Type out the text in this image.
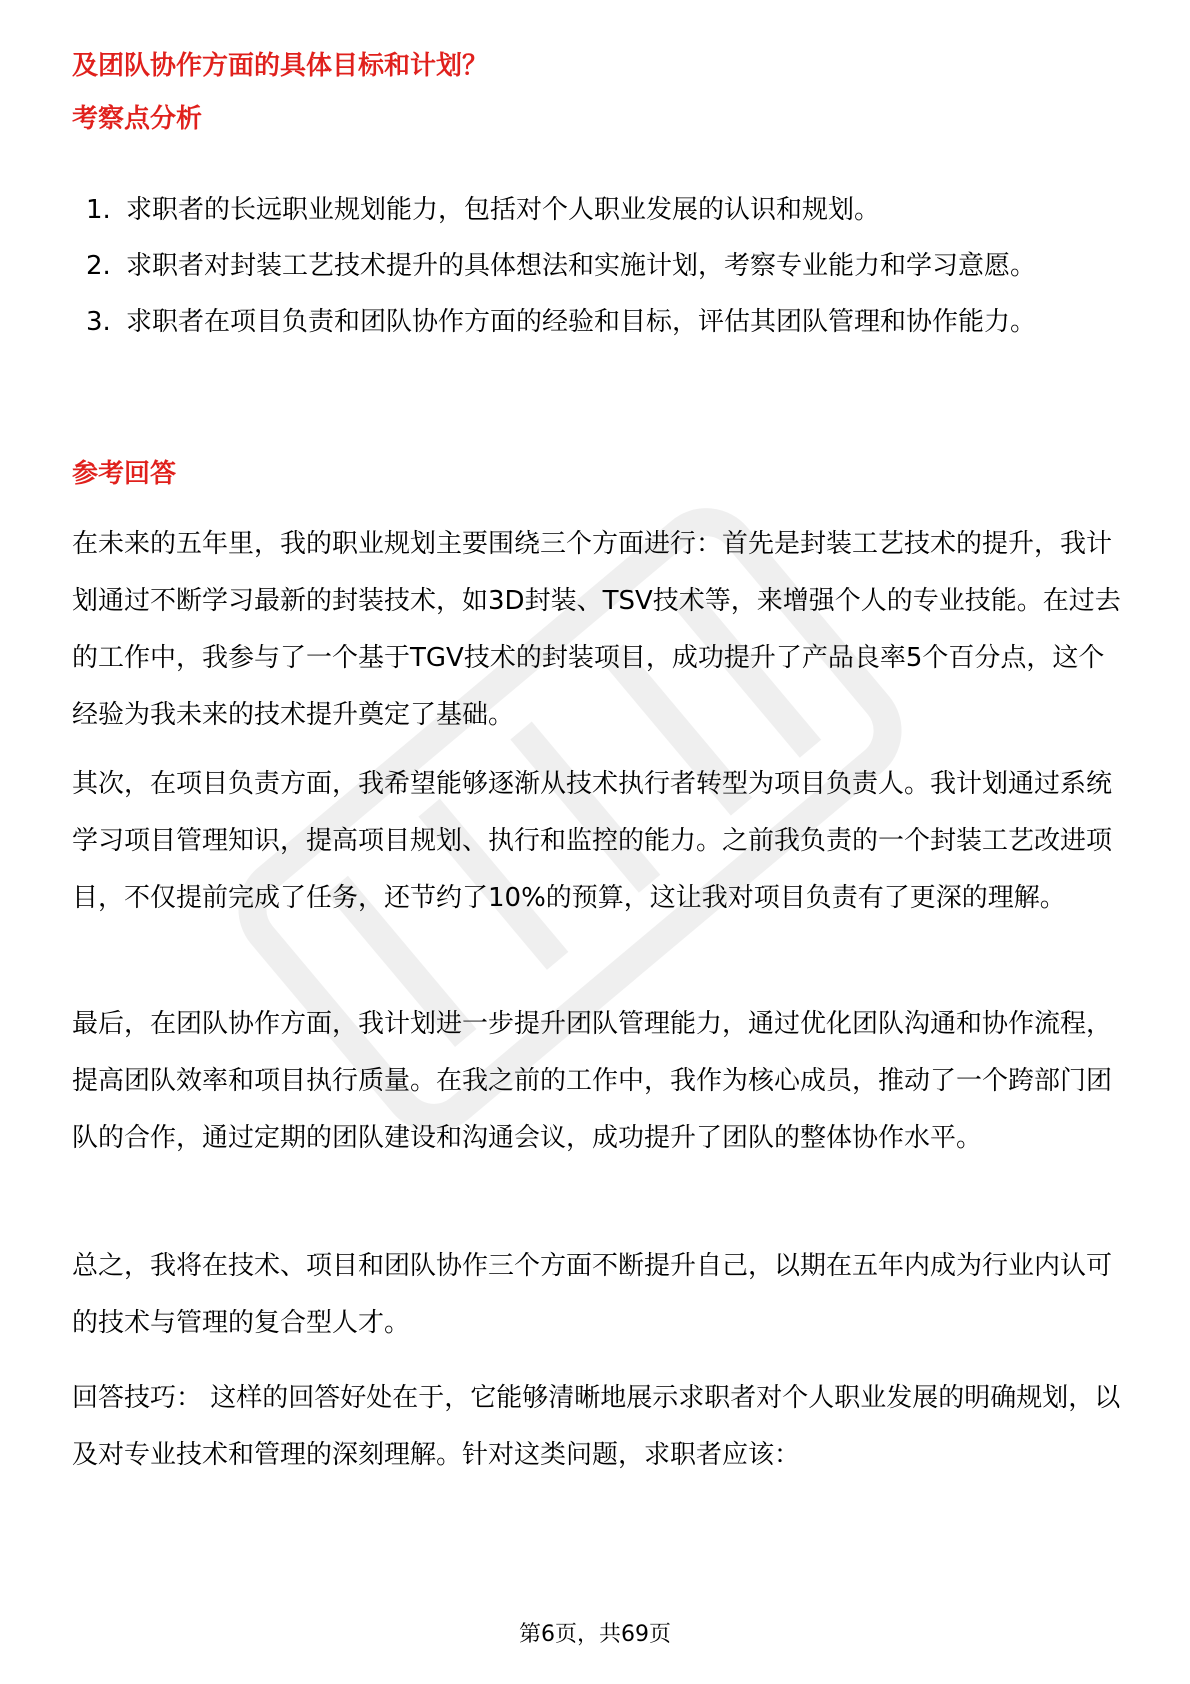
及团队协作方面的具体目标和计划？
考察点分析
1. 求职者的长远职业规划能力，包括对个人职业发展的认识和规划。
2. 求职者对封装工艺技术提升的具体想法和实施计划，考察专业能力和学习意愿。
3. 求职者在项目负责和团队协作方面的经验和目标，评估其团队管理和协作能力。
参考回答

在未来的五年里，我的职业规划主要围绕三个方面进行：首先是封装工艺技术的提升，我计划通过不断学习最新的封装技术，如3D封装、TSV技术等，来增强个人的专业技能。在过去的工作中，我参与了一个基于TGV技术的封装项目，成功提升了产品良率5个百分点，这个经验为我未来的技术提升奠定了基础。

其次，在项目负责方面，我希望能够逐渐从技术执行者转型为项目负责人。我计划通过系统学习项目管理知识，提高项目规划、执行和监控的能力。之前我负责的一个封装工艺改进项目，不仅提前完成了任务，还节约了10%的预算，这让我对项目负责有了更深的理解。

最后，在团队协作方面，我计划进一步提升团队管理能力，通过优化团队沟通和协作流程，提高团队效率和项目执行质量。在我之前的工作中，我作为核心成员，推动了一个跨部门团队的合作，通过定期的团队建设和沟通会议，成功提升了团队的整体协作水平。

总之，我将在技术、项目和团队协作三个方面不断提升自己，以期在五年内成为行业内认可的技术与管理的复合型人才。

回答技巧： 这样的回答好处在于，它能够清晰地展示求职者对个人职业发展的明确规划，以及对专业技术和管理的深刻理解。针对这类问题，求职者应该：

第6页，共69页
